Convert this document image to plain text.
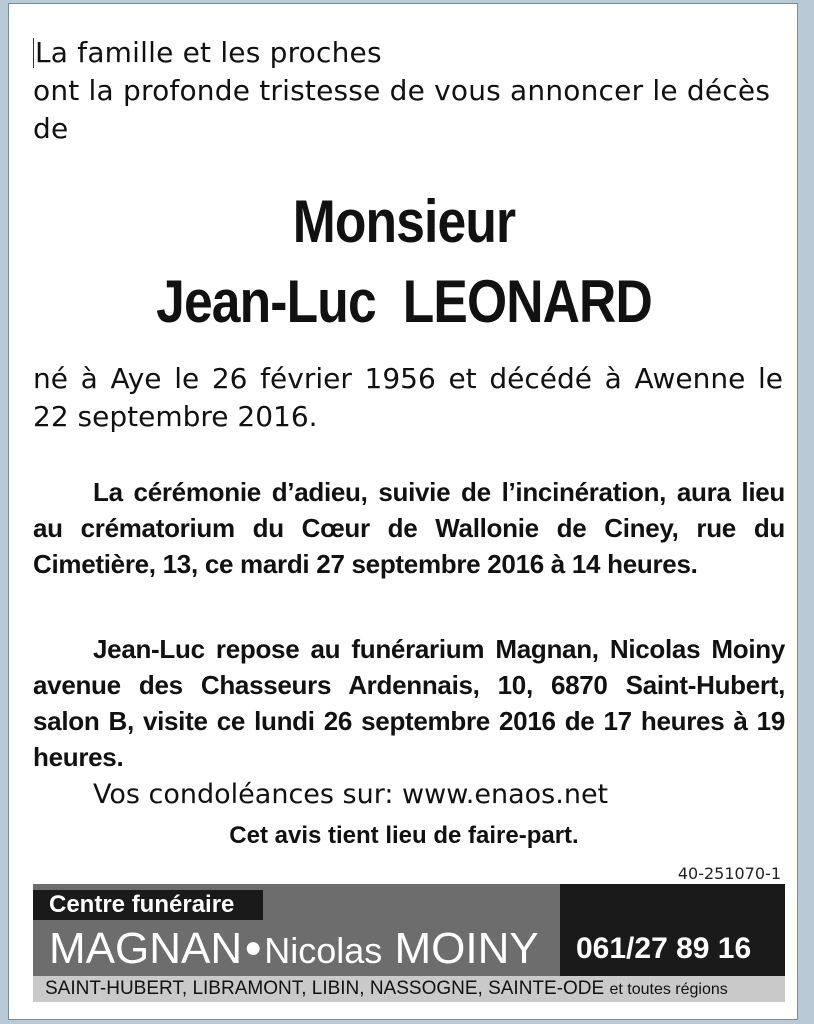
La famille et les proches
ont la profonde tristesse de vous annoncer le décès de
Monsieur
Jean-Luc  LEONARD
né à Aye le 26 février 1956 et décédé à Awenne le 22 septembre 2016.
La cérémonie d’adieu, suivie de l’incinération, aura lieu au crématorium du Cœur de Wallonie de Ciney, rue du Cimetière, 13, ce mardi 27 septembre 2016 à 14 heures.
Jean-Luc repose au funérarium Magnan, Nicolas Moiny avenue des Chasseurs Ardennais, 10, 6870 Saint-Hubert, salon B, visite ce lundi 26 septembre 2016 de 17 heures à 19 heures.
Vos condoléances sur: www.enaos.net
Cet avis tient lieu de faire-part.
40-251070-1
Centre funéraire
MAGNAN●Nicolas MOINY 061/27 89 16
SAINT-HUBERT, LIBRAMONT, LIBIN, NASSOGNE, SAINTE-ODE et toutes régions
